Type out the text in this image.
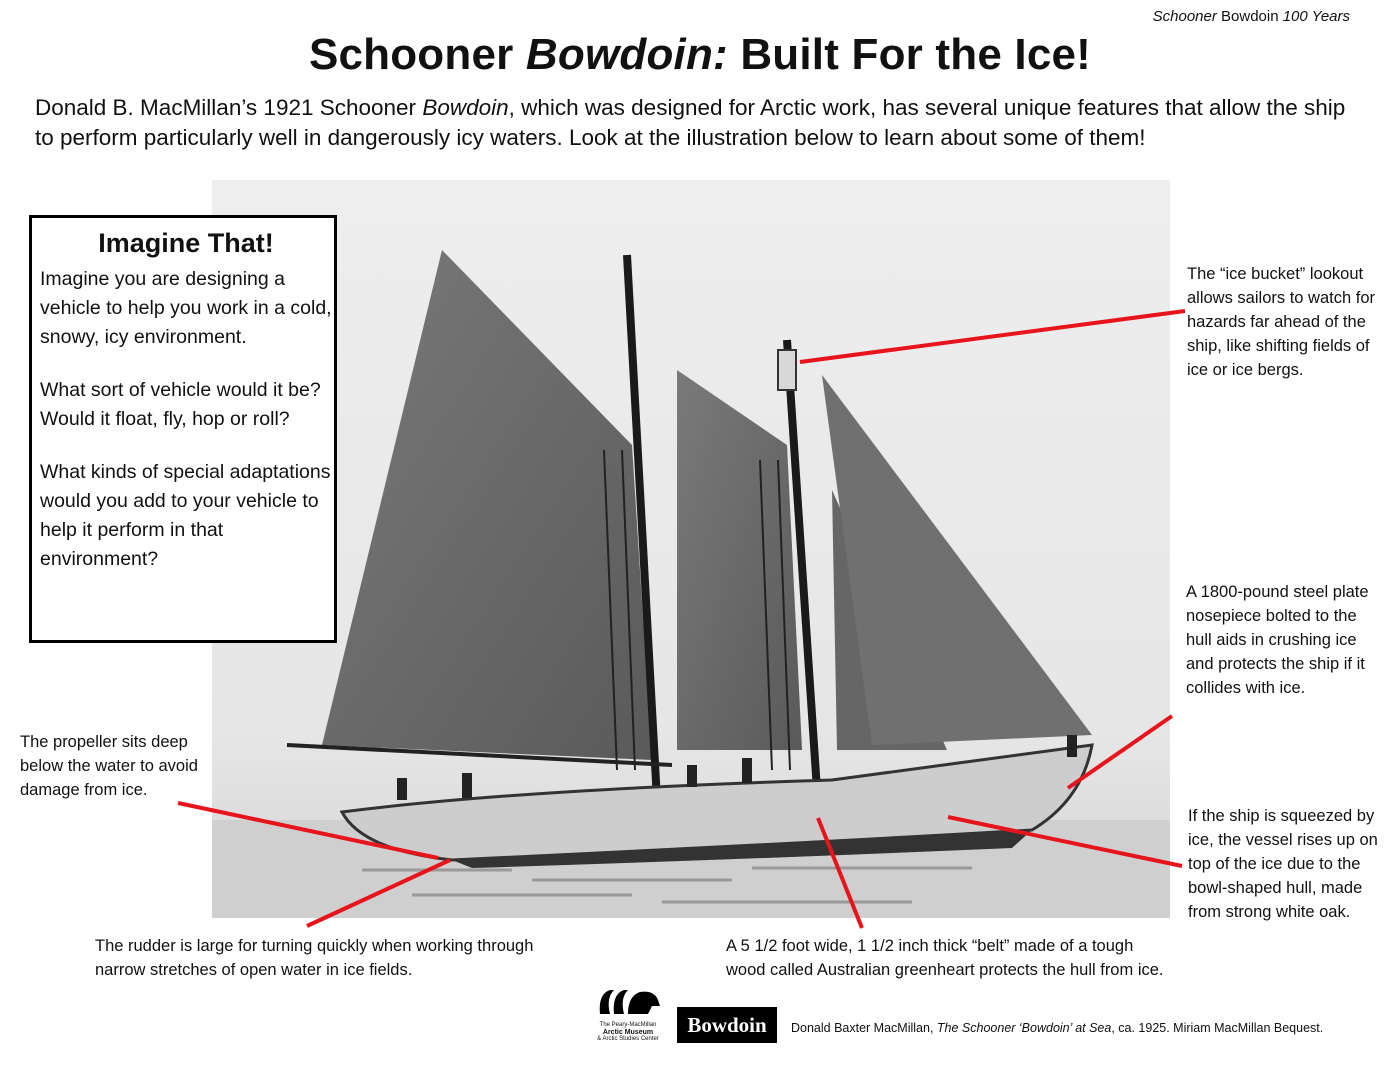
Schooner Bowdoin 100 Years
Schooner Bowdoin: Built For the Ice!
Donald B. MacMillan’s 1921 Schooner Bowdoin, which was designed for Arctic work, has several unique features that allow the ship to perform particularly well in dangerously icy waters. Look at the illustration below to learn about some of them!
Imagine That!

Imagine you are designing a vehicle to help you work in a cold, snowy, icy environment.

What sort of vehicle would it be? Would it float, fly, hop or roll?

What kinds of special adaptations would you add to your vehicle to help it perform in that environment?

The “ice bucket” lookout allows sailors to watch for hazards far ahead of the ship, like shifting fields of ice or ice bergs.
A 1800-pound steel plate nosepiece bolted to the hull aids in crushing ice and protects the ship if it collides with ice.
If the ship is squeezed by ice, the vessel rises up on top of the ice due to the bowl-shaped hull, made from strong white oak.
The propeller sits deep below the water to avoid damage from ice.
The rudder is large for turning quickly when working through narrow stretches of open water in ice fields.
A 5 1/2 foot wide, 1 1/2 inch thick “belt” made of a tough wood called Australian greenheart protects the hull from ice.
The Peary-MacMillan
Arctic Museum
& Arctic Studies Center
Bowdoin	Donald Baxter MacMillan, The Schooner ‘Bowdoin’ at Sea, ca. 1925. Miriam MacMillan Bequest.
